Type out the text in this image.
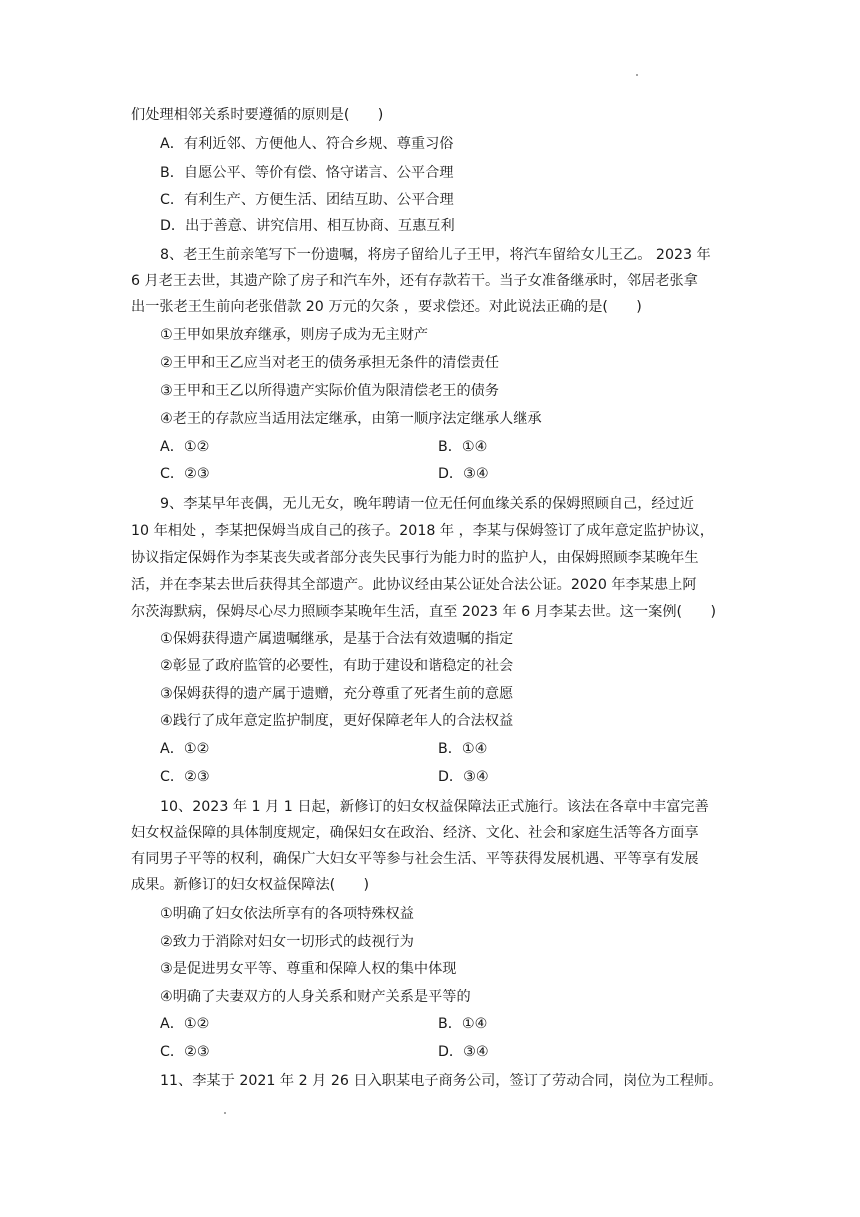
们处理相邻关系时要遵循的原则是(　　)
A．有利近邻、方便他人、符合乡规、尊重习俗
B．自愿公平、等价有偿、恪守诺言、公平合理
C．有利生产、方便生活、团结互助、公平合理
D．出于善意、讲究信用、相互协商、互惠互利
8、老王生前亲笔写下一份遗嘱，将房子留给儿子王甲，将汽车留给女儿王乙。 2023 年
6 月老王去世，其遗产除了房子和汽车外，还有存款若干。当子女准备继承时，邻居老张拿
出一张老王生前向老张借款 20 万元的欠条 ，要求偿还。对此说法正确的是(　　)
①王甲如果放弃继承，则房子成为无主财产
②王甲和王乙应当对老王的债务承担无条件的清偿责任
③王甲和王乙以所得遗产实际价值为限清偿老王的债务
④老王的存款应当适用法定继承，由第一顺序法定继承人继承
A．①②	B．①④
C．②③	D．③④
9、李某早年丧偶，无儿无女，晚年聘请一位无任何血缘关系的保姆照顾自己，经过近
10 年相处 ，李某把保姆当成自己的孩子。2018 年 ，李某与保姆签订了成年意定监护协议，
协议指定保姆作为李某丧失或者部分丧失民事行为能力时的监护人，由保姆照顾李某晚年生
活，并在李某去世后获得其全部遗产。此协议经由某公证处合法公证。2020 年李某患上阿
尔茨海默病，保姆尽心尽力照顾李某晚年生活，直至 2023 年 6 月李某去世。这一案例(　　)
①保姆获得遗产属遗嘱继承，是基于合法有效遗嘱的指定
②彰显了政府监管的必要性，有助于建设和谐稳定的社会
③保姆获得的遗产属于遗赠，充分尊重了死者生前的意愿
④践行了成年意定监护制度，更好保障老年人的合法权益
A．①②	B．①④
C．②③	D．③④
10、2023 年 1 月 1 日起，新修订的妇女权益保障法正式施行。该法在各章中丰富完善
妇女权益保障的具体制度规定，确保妇女在政治、经济、文化、社会和家庭生活等各方面享
有同男子平等的权利，确保广大妇女平等参与社会生活、平等获得发展机遇、平等享有发展
成果。新修订的妇女权益保障法(　　)
①明确了妇女依法所享有的各项特殊权益
②致力于消除对妇女一切形式的歧视行为
③是促进男女平等、尊重和保障人权的集中体现
④明确了夫妻双方的人身关系和财产关系是平等的
A．①②	B．①④
C．②③	D．③④
11、李某于 2021 年 2 月 26 日入职某电子商务公司，签订了劳动合同，岗位为工程师。
